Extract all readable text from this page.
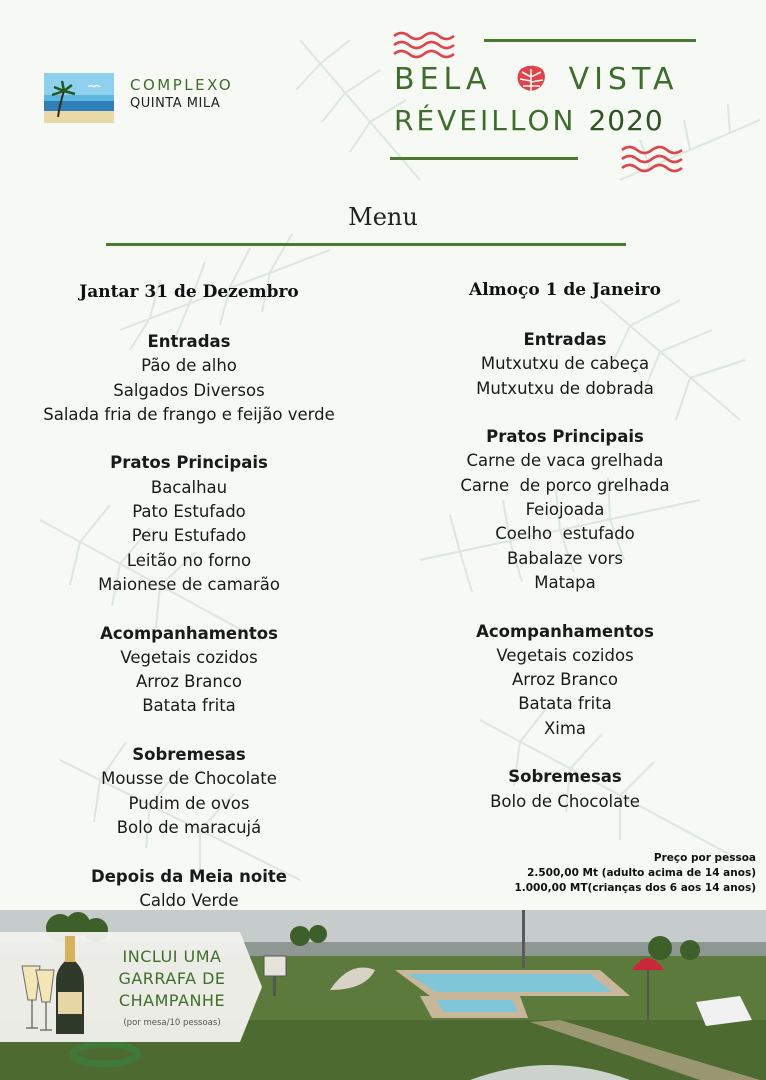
COMPLEXO
QUINTA MILA
BELA	VISTA
RÉVEILLON 2020
Menu
Jantar 31 de Dezembro	Almoço 1 de Janeiro
Entradas
Pão de alho
Salgados Diversos
Salada fria de frango e feijão verde
Pratos Principais
Bacalhau
Pato Estufado
Peru Estufado
Leitão no forno
Maionese de camarão
Acompanhamentos
Vegetais cozidos
Arroz Branco
Batata frita
Sobremesas
Mousse de Chocolate
Pudim de ovos
Bolo de maracujá
Depois da Meia noite
Caldo Verde
Entradas
Mutxutxu de cabeça
Mutxutxu de dobrada
Pratos Principais
Carne de vaca grelhada
Carne  de porco grelhada
Feiojoada
Coelho  estufado
Babalaze vors
Matapa
Acompanhamentos
Vegetais cozidos
Arroz Branco
Batata frita
Xima
Sobremesas
Bolo de Chocolate
Preço por pessoa
2.500,00 Mt (adulto acima de 14 anos)
1.000,00 MT(crianças dos 6 aos 14 anos)
INCLUI UMA
GARRAFA DE
CHAMPANHE
(por mesa/10 pessoas)
